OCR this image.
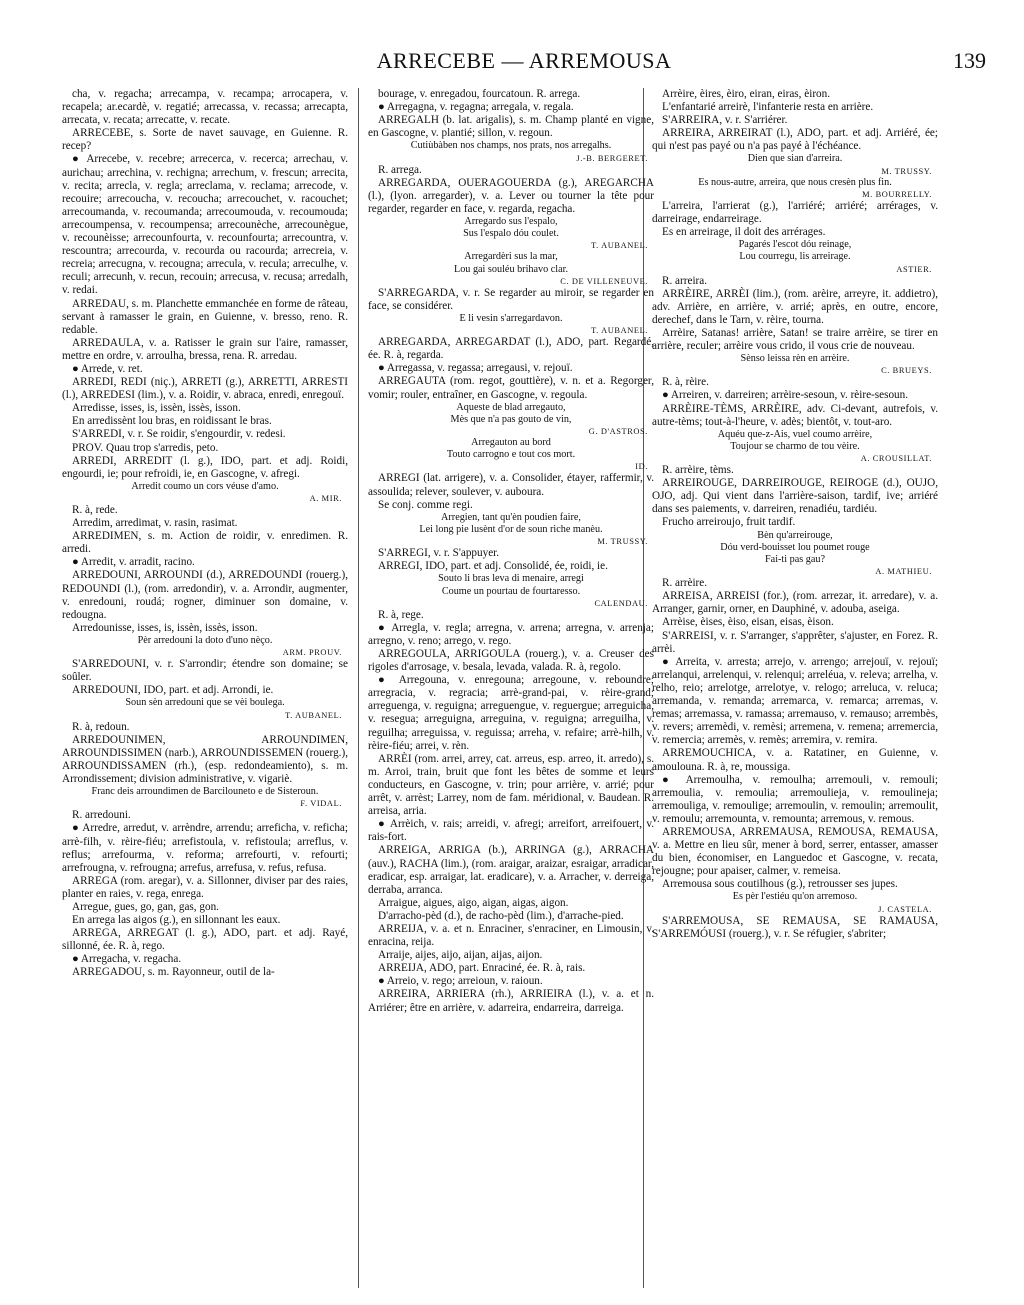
ARRECEBE — ARREMOUSA	139

cha, v. regacha; arrecampa, v. recampa; arrocapera, v. recapela; ar.ecardè, v. regatié; arrecassa, v. recassa; arrecapta, arrecata, v. recata; arrecatte, v. recate.

ARRECEBE, s. Sorte de navet sauvage, en Guienne. R. recep?

● Arrecebe, v. recebre; arrecerca, v. recerca; arrechau, v. aurichau; arrechina, v. rechigna; arrechum, v. frescun; arrecita, v. recita; arrecla, v. regla; arreclama, v. reclama; arrecode, v. recouire; arrecoucha, v. recoucha; arrecouchet, v. racouchet; arrecoumanda, v. recoumanda; arrecoumouda, v. recoumouda; arrecoumpensa, v. recoumpensa; arrecounèche, arrecounègue, v. recounèisse; arrecounfourta, v. recounfourta; arrecountra, v. rescountra; arrecourda, v. recourda ou racourda; arrecreia, v. recreia; arrecugna, v. recougna; arrecula, v. recula; arreculhe, v. reculi; arrecunh, v. recun, recouin; arrecusa, v. recusa; arredalh, v. redai.

ARREDAU, s. m. Planchette emmanchée en forme de râteau, servant à ramasser le grain, en Guienne, v. bresso, reno. R. redable.

ARREDAULA, v. a. Ratisser le grain sur l'aire, ramasser, mettre en ordre, v. arroulha, bressa, rena. R. arredau.

● Arrede, v. ret.

ARREDI, REDI (niç.), ARRETI (g.), ARRETTI, ARRESTI (l.), ARREDESI (lim.), v. a. Roidir, v. abraca, enredi, enregouï.

Arredisse, isses, is, issèn, issès, isson.

En arredissènt lou bras, en roidissant le bras.

S'ARREDI, v. r. Se roidir, s'engourdir, v. redesi.

PROV. Quau trop s'arredis, peto.

ARREDI, ARREDIT (l. g.), IDO, part. et adj. Roidi, engourdi, ie; pour refroidi, ie, en Gascogne, v. afregi.

Arredit coumo un cors véuse d'amo.

A. MIR.

R. à, rede.

Arredim, arredimat, v. rasin, rasimat.

ARREDIMEN, s. m. Action de roidir, v. enredimen. R. arredi.

● Arredit, v. arradit, racino.

ARREDOUNI, ARROUNDI (d.), ARREDOUNDI (rouerg.), REDOUNDI (l.), (rom. arredondir), v. a. Arrondir, augmenter, v. enredouni, roudá; rogner, diminuer son domaine, v. redougna.

Arredounisse, isses, is, issèn, issès, isson.

Pèr arredouni la doto d'uno nèço.

ARM. PROUV.

S'ARREDOUNI, v. r. S'arrondir; étendre son domaine; se soûler.

ARREDOUNI, IDO, part. et adj. Arrondi, ie.

Soun sèn arredouni que se vèi boulega.

T. AUBANEL.

R. à, redoun.

ARREDOUNIMEN, ARROUNDIMEN, ARROUNDISSIMEN (narb.), ARROUNDISSEMEN (rouerg.), ARROUNDISSAMEN (rh.), (esp. redondeamiento), s. m. Arrondissement; division administrative, v. vigariè.

Franc deis arroundimen de Barcilouneto e de Sisteroun.

F. VIDAL.

R. arredouni.

● Arredre, arredut, v. arrèndre, arrendu; arreficha, v. reficha; arrè-filh, v. rèire-fiéu; arrefistoula, v. refistoula; arreflus, v. reflus; arrefourma, v. reforma; arrefourti, v. refourti; arrefrougna, v. refrougna; arrefus, arrefusa, v. refus, refusa.

ARREGA (rom. aregar), v. a. Sillonner, diviser par des raies, planter en raies, v. rega, enrega.

Arregue, gues, go, gan, gas, gon.

En arrega las aigos (g.), en sillonnant les eaux.

ARREGA, ARREGAT (l. g.), ADO, part. et adj. Rayé, sillonné, ée. R. à, rego.

● Arregacha, v. regacha.

ARREGADOU, s. m. Rayonneur, outil de la-

bourage, v. enregadou, fourcatoun. R. arrega.

● Arregagna, v. regagna; arregala, v. regala.

ARREGALH (b. lat. arigalis), s. m. Champ planté en vigne, en Gascogne, v. plantié; sillon, v. regoun.

Cutiùbàben nos champs, nos prats, nos arregalhs.

J.-B. BERGERET.

R. arrega.

ARREGARDA, OUERAGOUERDA (g.), AREGARCHA (l.), (lyon. arregarder), v. a. Lever ou tourner la tête pour regarder, regarder en face, v. regarda, regacha.

Arregardo sus l'espalo,

Sus l'espalo dóu coulet.

T. AUBANEL.

Arregardèri sus la mar,

Lou gai souléu brihavo clar.

C. DE VILLENEUVE.

S'ARREGARDA, v. r. Se regarder au miroir, se regarder en face, se considérer.

E li vesin s'arregardavon.

T. AUBANEL.

ARREGARDA, ARREGARDAT (l.), ADO, part. Regardé, ée. R. à, regarda.

● Arregassa, v. regassa; arregausi, v. rejouï.

ARREGAUTA (rom. regot, gouttière), v. n. et a. Regorger, vomir; rouler, entraîner, en Gascogne, v. regoula.

Aqueste de blad arregauto,

Mès que n'a pas gouto de vin,

G. D'ASTROS.

Arregauton au bord

Touto carrogno e tout cos mort.

ID.

ARREGI (lat. arrigere), v. a. Consolider, étayer, raffermir, v. assoulida; relever, soulever, v. auboura.

Se conj. comme regi.

Arregien, tant qu'èn poudien faire,

Lei long pie lusènt d'or de soun riche manèu.

M. TRUSSY.

S'ARREGI, v. r. S'appuyer.

ARREGI, IDO, part. et adj. Consolidé, ée, roidi, ie.

Souto li bras leva di menaire, arregi

Coume un pourtau de fourtaresso.

CALENDAU.

R. à, rege.

● Arregla, v. regla; arregna, v. arrena; arregna, v. arrenja; arregno, v. reno; arrego, v. rego.

ARREGOULA, ARRIGOULA (rouerg.), v. a. Creuser des rigoles d'arrosage, v. besala, levada, valada. R. à, regolo.

● Arregouna, v. enregouna; arregoune, v. reboundre; arregracia, v. regracia; arrè-grand-pai, v. rèire-grand; arreguenga, v. reguigna; arreguengue, v. reguergue; arreguicha, v. resegua; arreguigna, arreguina, v. reguigna; arreguilha, v. reguilha; arreguissa, v. reguissa; arreha, v. refaire; arrè-hilh, v. rèire-fiéu; arrei, v. rèn.

ARRÈI (rom. arrei, arrey, cat. arreus, esp. arreo, it. arredo), s. m. Arroi, train, bruit que font les bêtes de somme et leurs conducteurs, en Gascogne, v. trin; pour arrière, v. arrié; pour arrêt, v. arrèst; Larrey, nom de fam. méridional, v. Baudean. R. arreisa, arria.

● Arrèich, v. rais; arreidi, v. afregi; arreifort, arreifouert, v. rais-fort.

ARREIGA, ARRIGA (b.), ARRINGA (g.), ARRACHA (auv.), RACHA (lim.), (rom. araigar, araizar, esraigar, arradicar, eradicar, esp. arraigar, lat. eradicare), v. a. Arracher, v. derreiga, derraba, arranca.

Arraigue, aigues, aigo, aigan, aigas, aigon.

D'arracho-pèd (d.), de racho-pèd (lim.), d'arrache-pied.

ARREIJA, v. a. et n. Enraciner, s'enraciner, en Limousin, v. enracina, reija.

Arraije, aijes, aijo, aijan, aijas, aijon.

ARREIJA, ADO, part. Enraciné, ée. R. à, rais.

● Arreio, v. rego; arreioun, v. raioun.

ARREIRA, ARRIERA (rh.), ARRIEIRA (l.), v. a. et n. Arriérer; être en arrière, v. adarreira, endarreira, darreiga.

Arrèire, èires, èiro, eiran, eiras, èiron.

L'enfantarié arreirè, l'infanterie resta en arrière.

S'ARREIRA, v. r. S'arriérer.

ARREIRA, ARREIRAT (l.), ADO, part. et adj. Arriéré, ée; qui n'est pas payé ou n'a pas payé à l'échéance.

Dien que sian d'arreira.

M. TRUSSY.

Es nous-autre, arreira, que nous cresèn plus fin.

M. BOURRELLY.

L'arreira, l'arrierat (g.), l'arriéré; arriéré; arrérages, v. darreirage, endarreirage.

Es en arreirage, il doit des arrérages.

Pagarés l'escot dóu reinage,

Lou courregu, lis arreirage.

ASTIER.

R. arreira.

ARRÈIRE, ARRÈI (lim.), (rom. arèire, arreyre, it. addietro), adv. Arrière, en arrière, v. arrié; après, en outre, encore, derechef, dans le Tarn, v. rèire, tourna.

Arrèire, Satanas! arrière, Satan! se traire arrèire, se tirer en arrière, reculer; arrèire vous crido, il vous crie de nouveau.

Sènso leissa rèn en arrèire.

C. BRUEYS.

R. à, rèire.

● Arreiren, v. darreiren; arrèire-sesoun, v. rèire-sesoun.

ARRÈIRE-TÈMS, ARRÈIRE, adv. Ci-devant, autrefois, v. autre-tèms; tout-à-l'heure, v. adès; bientôt, v. tout-aro.

Aquéu que-z-Ais, vuel coumo arrèire,

Toujour se charmo de tou vèire.

A. CROUSILLAT.

R. arrèire, tèms.

ARREIROUGE, DARREIROUGE, REIROGE (d.), OUJO, OJO, adj. Qui vient dans l'arrière-saison, tardif, ive; arriéré dans ses paiements, v. darreiren, renadiéu, tardiéu.

Frucho arreiroujo, fruit tardif.

Bèn qu'arreirouge,

Dóu verd-bouisset lou poumet rouge

Fai-ti pas gau?

A. MATHIEU.

R. arrèire.

ARREISA, ARREISI (for.), (rom. arrezar, it. arredare), v. a. Arranger, garnir, orner, en Dauphiné, v. adouba, aseiga.

Arrèise, èises, èiso, eisan, eisas, èison.

S'ARREISI, v. r. S'arranger, s'apprêter, s'ajuster, en Forez. R. arrèi.

● Arreita, v. arresta; arrejo, v. arrengo; arrejouï, v. rejouï; arrelanqui, arrelenqui, v. relenqui; arreléua, v. releva; arrelha, v. relho, reio; arrelotge, arrelotye, v. relogo; arreluca, v. reluca; arremanda, v. remanda; arremarca, v. remarca; arremas, v. remas; arremassa, v. ramassa; arremauso, v. remauso; arrembès, v. revers; arremèdi, v. remèsi; arremena, v. remena; arremercia, v. remercia; arremès, v. remès; arremira, v. remira.

ARREMOUCHICA, v. a. Ratatiner, en Guienne, v. amoulouna. R. à, re, moussiga.

● Arremoulha, v. remoulha; arremouli, v. remouli; arremoulia, v. remoulia; arremoulieja, v. remoulineja; arremouliga, v. remoulige; arremoulin, v. remoulin; arremoulit, v. remoulu; arremounta, v. remounta; arremous, v. remous.

ARREMOUSA, ARREMAUSA, REMOUSA, REMAUSA, v. a. Mettre en lieu sûr, mener à bord, serrer, entasser, amasser du bien, économiser, en Languedoc et Gascogne, v. recata, rejougne; pour apaiser, calmer, v. remeisa.

Arremousa sous coutilhous (g.), retrousser ses jupes.

Es pèr l'estiéu qu'on arremoso.

J. CASTELA.

S'ARREMOUSA, SE REMAUSA, SE RAMAUSA, S'ARREMÓUSI (rouerg.), v. r. Se réfugier, s'abriter;
